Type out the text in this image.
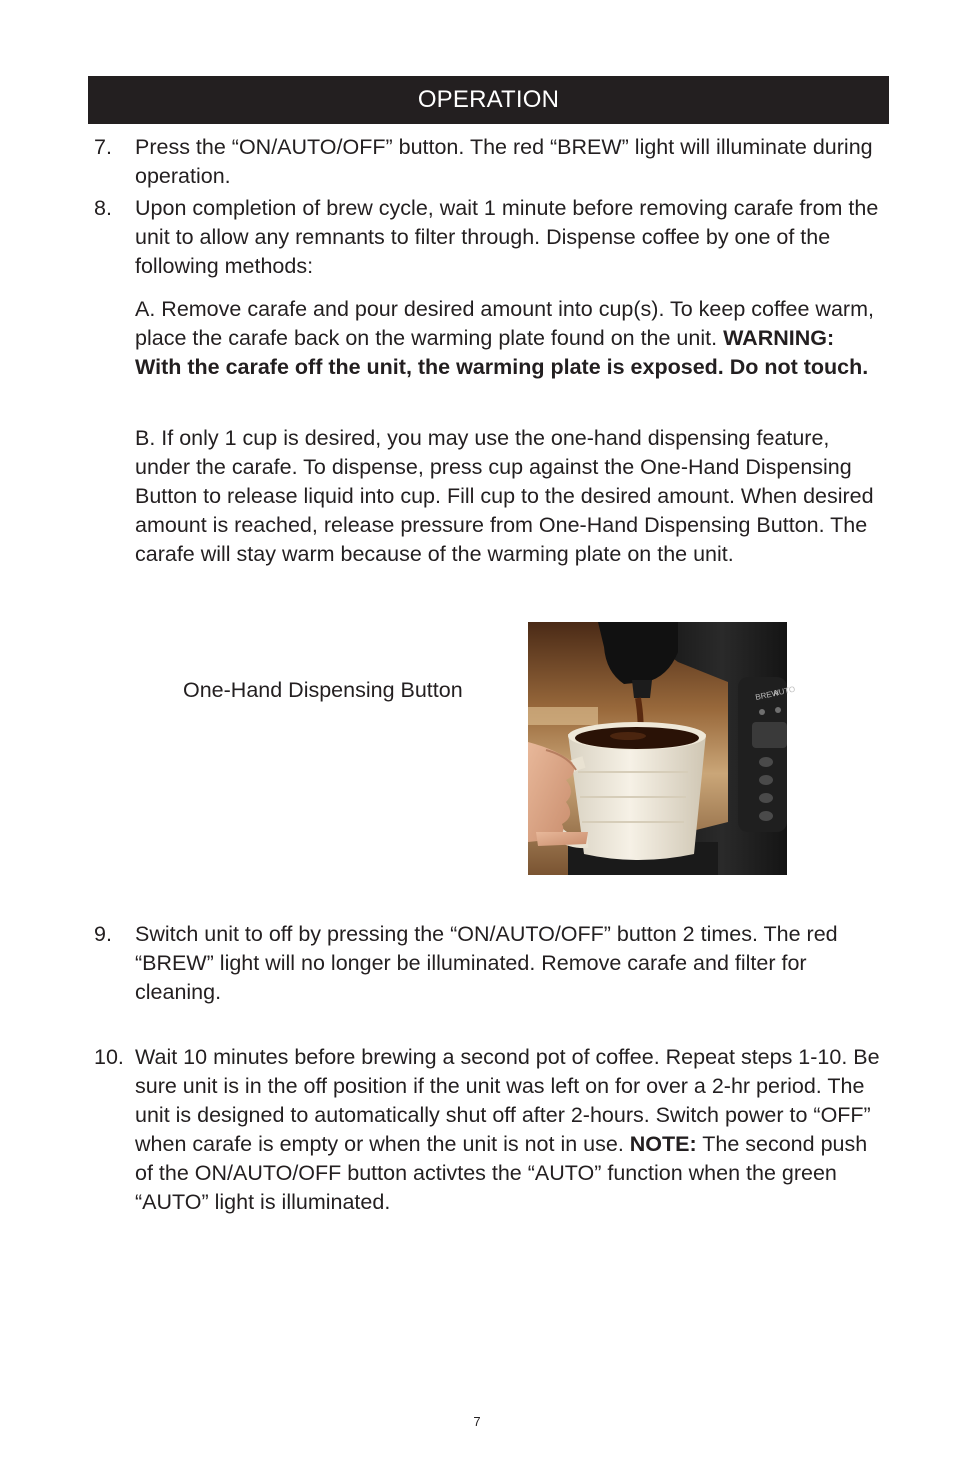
OPERATION
7. Press the “ON/AUTO/OFF” button. The red “BREW” light will illuminate during operation.
8. Upon completion of brew cycle, wait 1 minute before removing carafe from the unit to allow any remnants to filter through. Dispense coffee by one of the following methods:
A. Remove carafe and pour desired amount into cup(s). To keep coffee warm, place the carafe back on the warming plate found on the unit. WARNING: With the carafe off the unit, the warming plate is exposed. Do not touch.
B. If only 1 cup is desired, you may use the one-hand dispensing feature, under the carafe. To dispense, press cup against the One-Hand Dispensing Button to release liquid into cup. Fill cup to the desired amount. When desired amount is reached, release pressure from One-Hand Dispensing Button. The carafe will stay warm because of the warming plate on the unit.
One-Hand Dispensing Button	BREW
AUTO
9. Switch unit to off by pressing the “ON/AUTO/OFF” button 2 times. The red “BREW” light will no longer be illuminated. Remove carafe and filter for cleaning.
10. Wait 10 minutes before brewing a second pot of coffee. Repeat steps 1-10. Be sure unit is in the off position if the unit was left on for over a 2-hr period. The unit is designed to automatically shut off after 2-hours. Switch power to “OFF” when carafe is empty or when the unit is not in use. NOTE: The second push of the ON/AUTO/OFF button activtes the “AUTO” function when the green “AUTO” light is illuminated.
7
